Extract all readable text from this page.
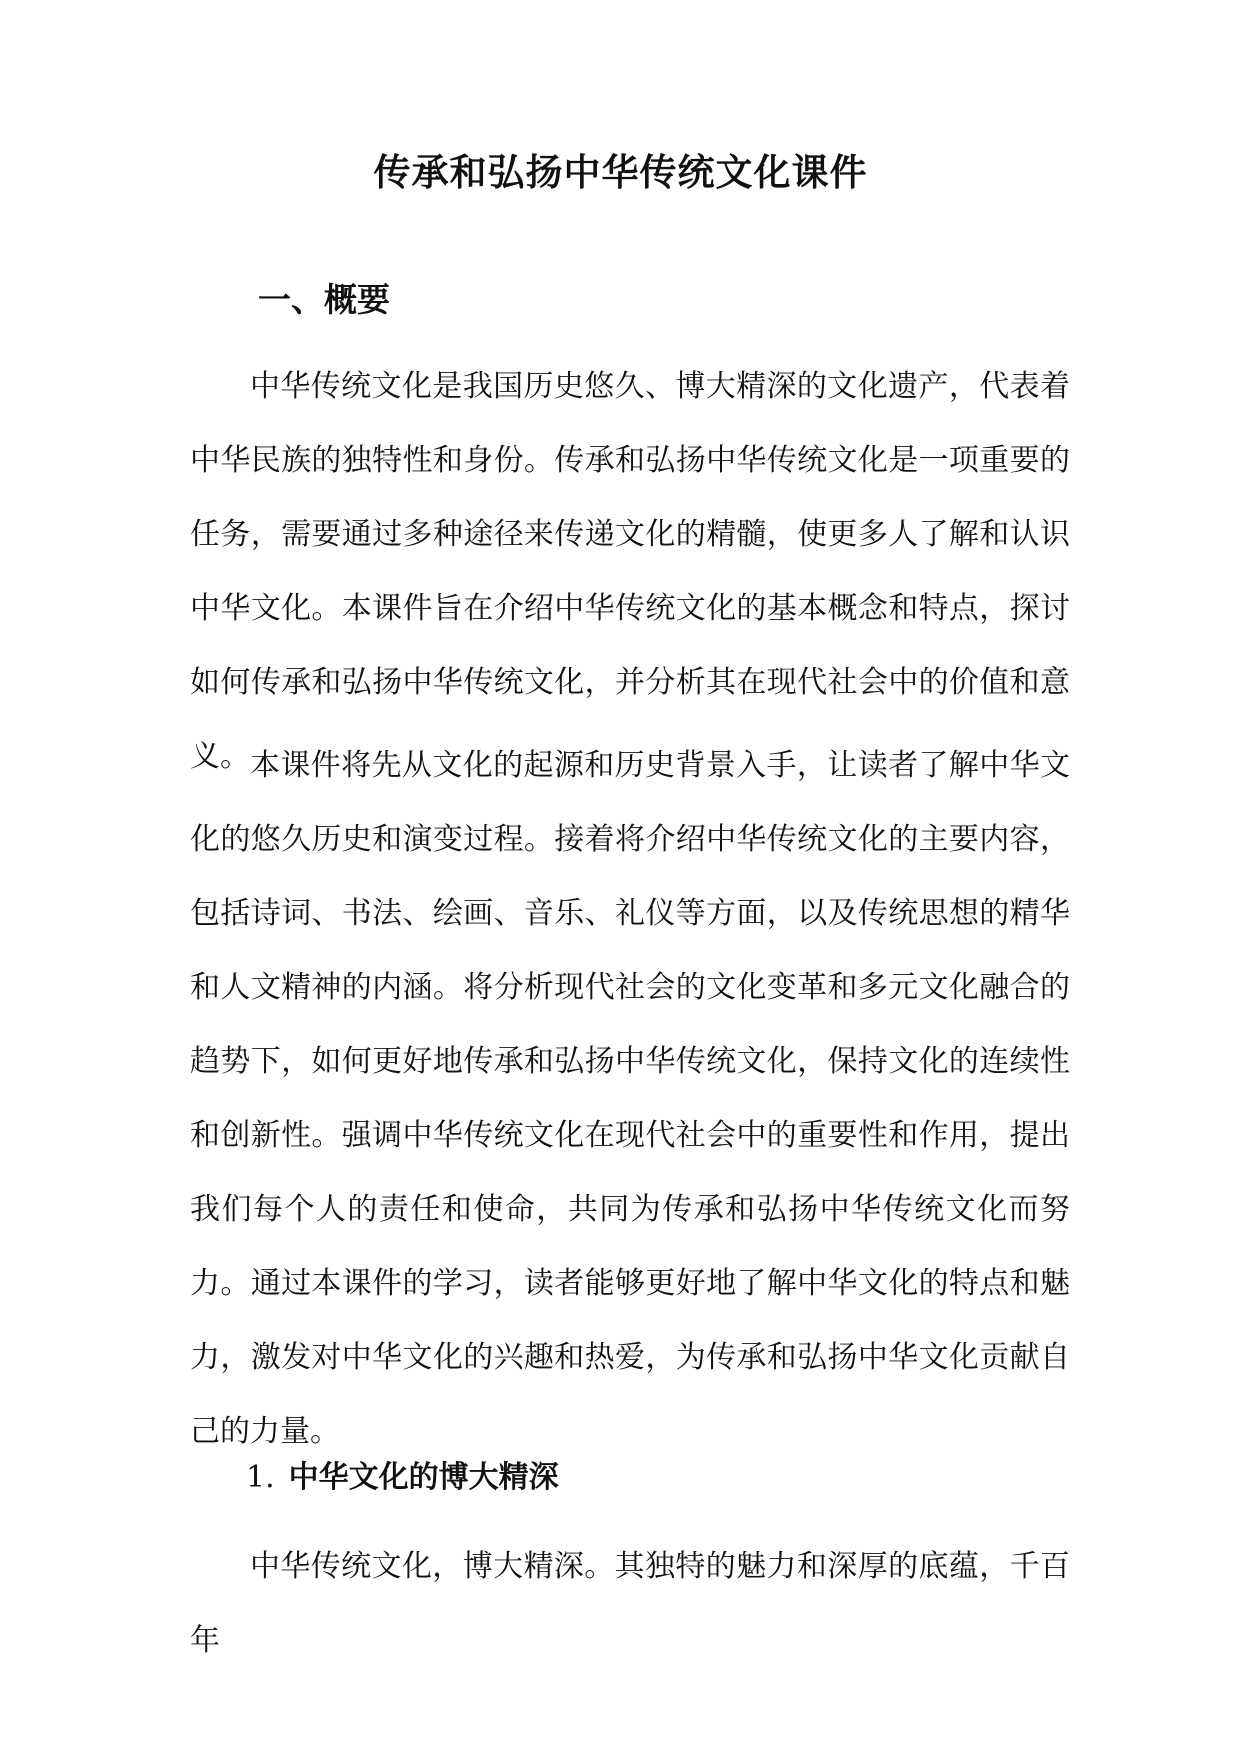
传承和弘扬中华传统文化课件
一、概要

中华传统文化是我国历史悠久、博大精深的文化遗产，代表着中华民族的独特性和身份。传承和弘扬中华传统文化是一项重要的任务，需要通过多种途径来传递文化的精髓，使更多人了解和认识中华文化。本课件旨在介绍中华传统文化的基本概念和特点，探讨如何传承和弘扬中华传统文化，并分析其在现代社会中的价值和意义。 本课件将先从文化的起源和历史背景入手，让读者了解中华文化的悠久历史和演变过程。接着将介绍中华传统文化的主要内容，包括诗词、书法、绘画、音乐、礼仪等方面，以及传统思想的精华和人文精神的内涵。将分析现代社会的文化变革和多元文化融合的趋势下，如何更好地传承和弘扬中华传统文化，保持文化的连续性和创新性。强调中华传统文化在现代社会中的重要性和作用，提出我们每个人的责任和使命，共同为传承和弘扬中华传统文化而努力。通过本课件的学习，读者能够更好地了解中华文化的特点和魅力，激发对中华文化的兴趣和热爱，为传承和弘扬中华文化贡献自己的力量。

1. 中华文化的博大精深

中华传统文化，博大精深。其独特的魅力和深厚的底蕴，千百年
